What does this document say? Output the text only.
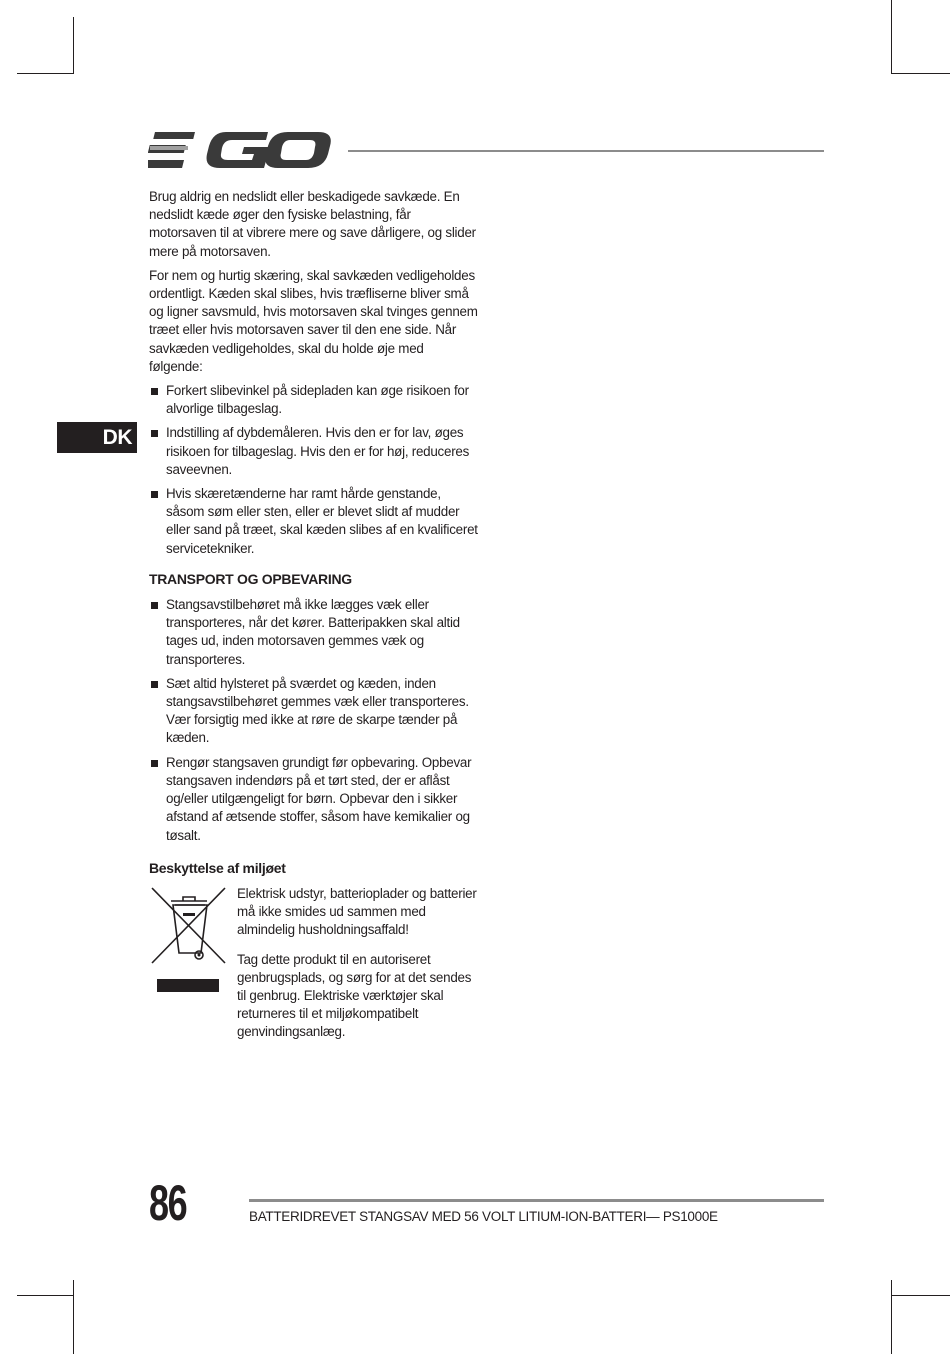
DK

Brug aldrig en nedslidt eller beskadigede savkæde. En nedslidt kæde øger den fysiske belastning, får motorsaven til at vibrere mere og save dårligere, og slider mere på motorsaven.

For nem og hurtig skæring, skal savkæden vedligeholdes ordentligt. Kæden skal slibes, hvis træfliserne bliver små og ligner savsmuld, hvis motorsaven skal tvinges gennem træet eller hvis motorsaven saver til den ene side. Når savkæden vedligeholdes, skal du holde øje med følgende:

Forkert slibevinkel på sidepladen kan øge risikoen for alvorlige tilbageslag.
Indstilling af dybdemåleren. Hvis den er for lav, øges risikoen for tilbageslag. Hvis den er for høj, reduceres saveevnen.
Hvis skæretænderne har ramt hårde genstande, såsom søm eller sten, eller er blevet slidt af mudder eller sand på træet, skal kæden slibes af en kvalificeret servicetekniker.
TRANSPORT OG OPBEVARING
Stangsavstilbehøret må ikke lægges væk eller transporteres, når det kører. Batteripakken skal altid tages ud, inden motorsaven gemmes væk og transporteres.
Sæt altid hylsteret på sværdet og kæden, inden stangsavstilbehøret gemmes væk eller transporteres. Vær forsigtig med ikke at røre de skarpe tænder på kæden.
Rengør stangsaven grundigt før opbevaring. Opbevar stangsaven indendørs på et tørt sted, der er aflåst og/eller utilgængeligt for børn. Opbevar den i sikker afstand af ætsende stoffer, såsom have kemikalier og tøsalt.
Beskyttelse af miljøet

Elektrisk udstyr, batterioplader og batterier må ikke smides ud sammen med almindelig husholdningsaffald!

Tag dette produkt til en autoriseret genbrugsplads, og sørg for at det sendes til genbrug. Elektriske værktøjer skal returneres til et miljøkompatibelt genvindingsanlæg.

86	BATTERIDREVET STANGSAV MED 56 VOLT LITIUM-ION-BATTERI— PS1000E
